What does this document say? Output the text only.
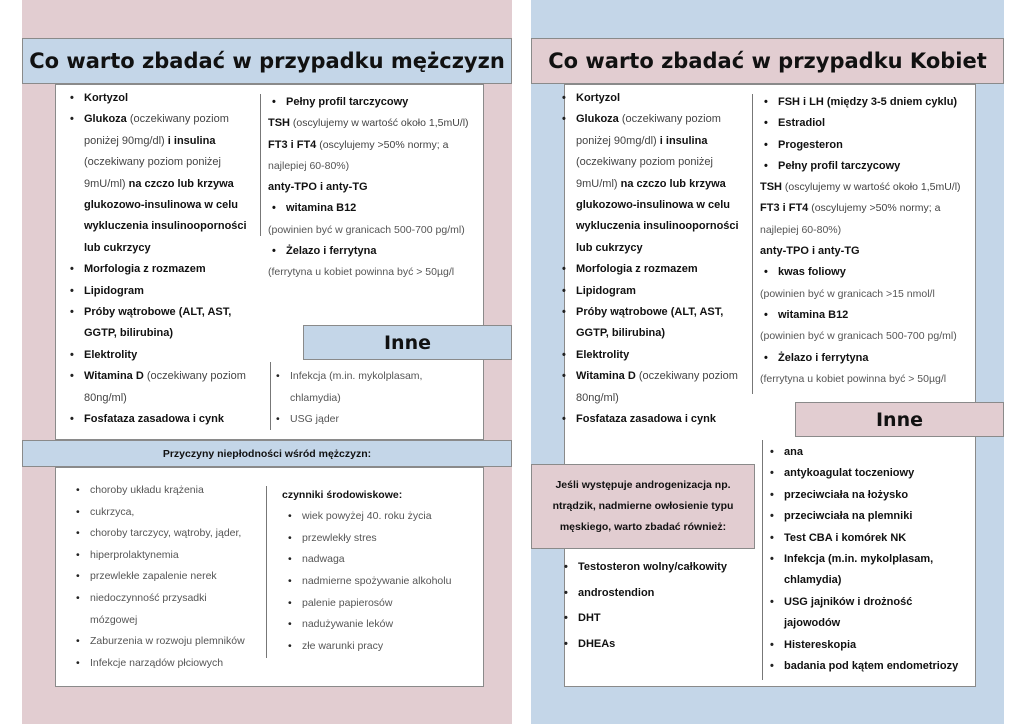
Co warto zbadać w przypadku mężczyzn
• Kortyzol
• Glukoza (oczekiwany poziom
poniżej 90mg/dl) i insulina
(oczekiwany poziom poniżej
9mU/ml) na czczo lub krzywa
glukozowo-insulinowa w celu
wykluczenia insulinooporności
lub cukrzycy
• Morfologia z rozmazem
• Lipidogram
• Próby wątrobowe (ALT, AST,
GGTP, bilirubina)
• Elektrolity
• Witamina D (oczekiwany poziom
80ng/ml)
• Fosfataza zasadowa i cynk
• Pełny profil tarczycowy
TSH (oscylujemy w wartość około 1,5mU/l)
FT3 i FT4 (oscylujemy >50% normy; a
najlepiej 60-80%)
anty-TPO i anty-TG
• witamina B12
(powinien być w granicach 500-700 pg/ml)
• Żelazo i ferrytyna
(ferrytyna u kobiet powinna być > 50µg/l
Inne
• Infekcja (m.in. mykolplasam,
chlamydia)
• USG jąder
Przyczyny niepłodności wśród mężczyzn:
• choroby układu krążenia
• cukrzyca,
• choroby tarczycy, wątroby, jąder,
• hiperprolaktynemia
• przewlekłe zapalenie nerek
• niedoczynność przysadki
mózgowej
• Zaburzenia w rozwoju plemników
• Infekcje narządów płciowych
czynniki środowiskowe:
• wiek powyżej 40. roku życia
• przewlekły stres
• nadwaga
• nadmierne spożywanie alkoholu
• palenie papierosów
• nadużywanie leków
• złe warunki pracy
Co warto zbadać w przypadku Kobiet
• Kortyzol
• Glukoza (oczekiwany poziom
poniżej 90mg/dl) i insulina
(oczekiwany poziom poniżej
9mU/ml) na czczo lub krzywa
glukozowo-insulinowa w celu
wykluczenia insulinooporności
lub cukrzycy
• Morfologia z rozmazem
• Lipidogram
• Próby wątrobowe (ALT, AST,
GGTP, bilirubina)
• Elektrolity
• Witamina D (oczekiwany poziom
80ng/ml)
• Fosfataza zasadowa i cynk
• FSH i LH (między 3-5 dniem cyklu)
• Estradiol
• Progesteron
• Pełny profil tarczycowy
TSH (oscylujemy w wartość około 1,5mU/l)
FT3 i FT4 (oscylujemy >50% normy; a
najlepiej 60-80%)
anty-TPO i anty-TG
• kwas foliowy
(powinien być w granicach >15 nmol/l
• witamina B12
(powinien być w granicach 500-700 pg/ml)
• Żelazo i ferrytyna
(ferrytyna u kobiet powinna być > 50µg/l
Inne
• ana
• antykoagulat toczeniowy
• przeciwciała na łożysko
• przeciwciała na plemniki
• Test CBA i komórek NK
• Infekcja (m.in. mykolplasam,
chlamydia)
• USG jajników i drożność
jajowodów
• Histereskopia
• badania pod kątem endometriozy
Jeśli występuje androgenizacja np.
ntrądzik, nadmierne owłosienie typu
męskiego, warto zbadać również:
• Testosteron wolny/całkowity
• androstendion
• DHT
• DHEAs
